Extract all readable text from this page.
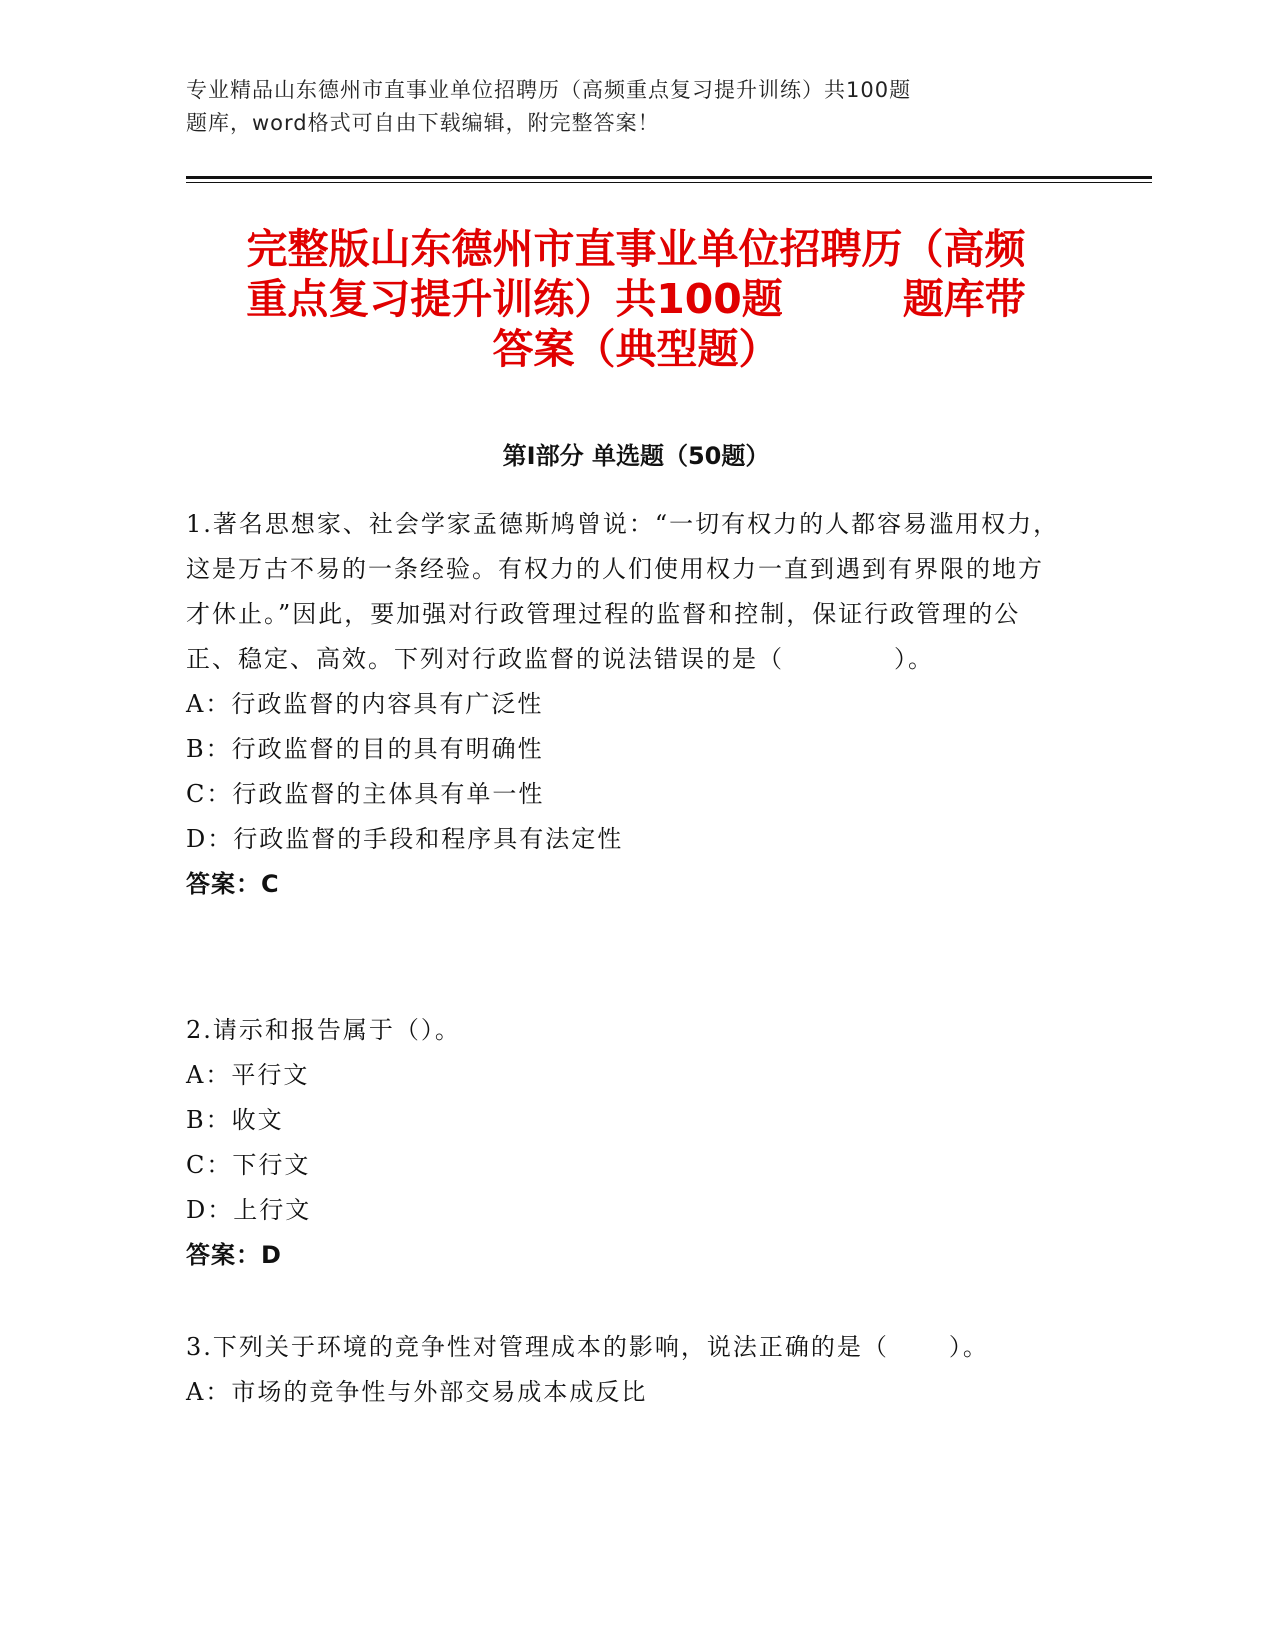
专业精品山东德州市直事业单位招聘历（高频重点复习提升训练）共100题
题库，word格式可自由下载编辑，附完整答案！
完整版山东德州市直事业单位招聘历（高频
重点复习提升训练）共100题	题库带
答案（典型题）
第Ⅰ部分 单选题（50题）

1.著名思想家、社会学家孟德斯鸠曾说：“一切有权力的人都容易滥用权力，这是万古不易的一条经验。有权力的人们使用权力一直到遇到有界限的地方才休止。”因此，要加强对行政管理过程的监督和控制，保证行政管理的公正、稳定、高效。下列对行政监督的说法错误的是（	）。

A：行政监督的内容具有广泛性

B：行政监督的目的具有明确性

C：行政监督的主体具有单一性

D：行政监督的手段和程序具有法定性

答案：C

2.请示和报告属于（）。

A：平行文

B：收文

C：下行文

D：上行文

答案：D

3.下列关于环境的竞争性对管理成本的影响，说法正确的是（	）。

A：市场的竞争性与外部交易成本成反比
